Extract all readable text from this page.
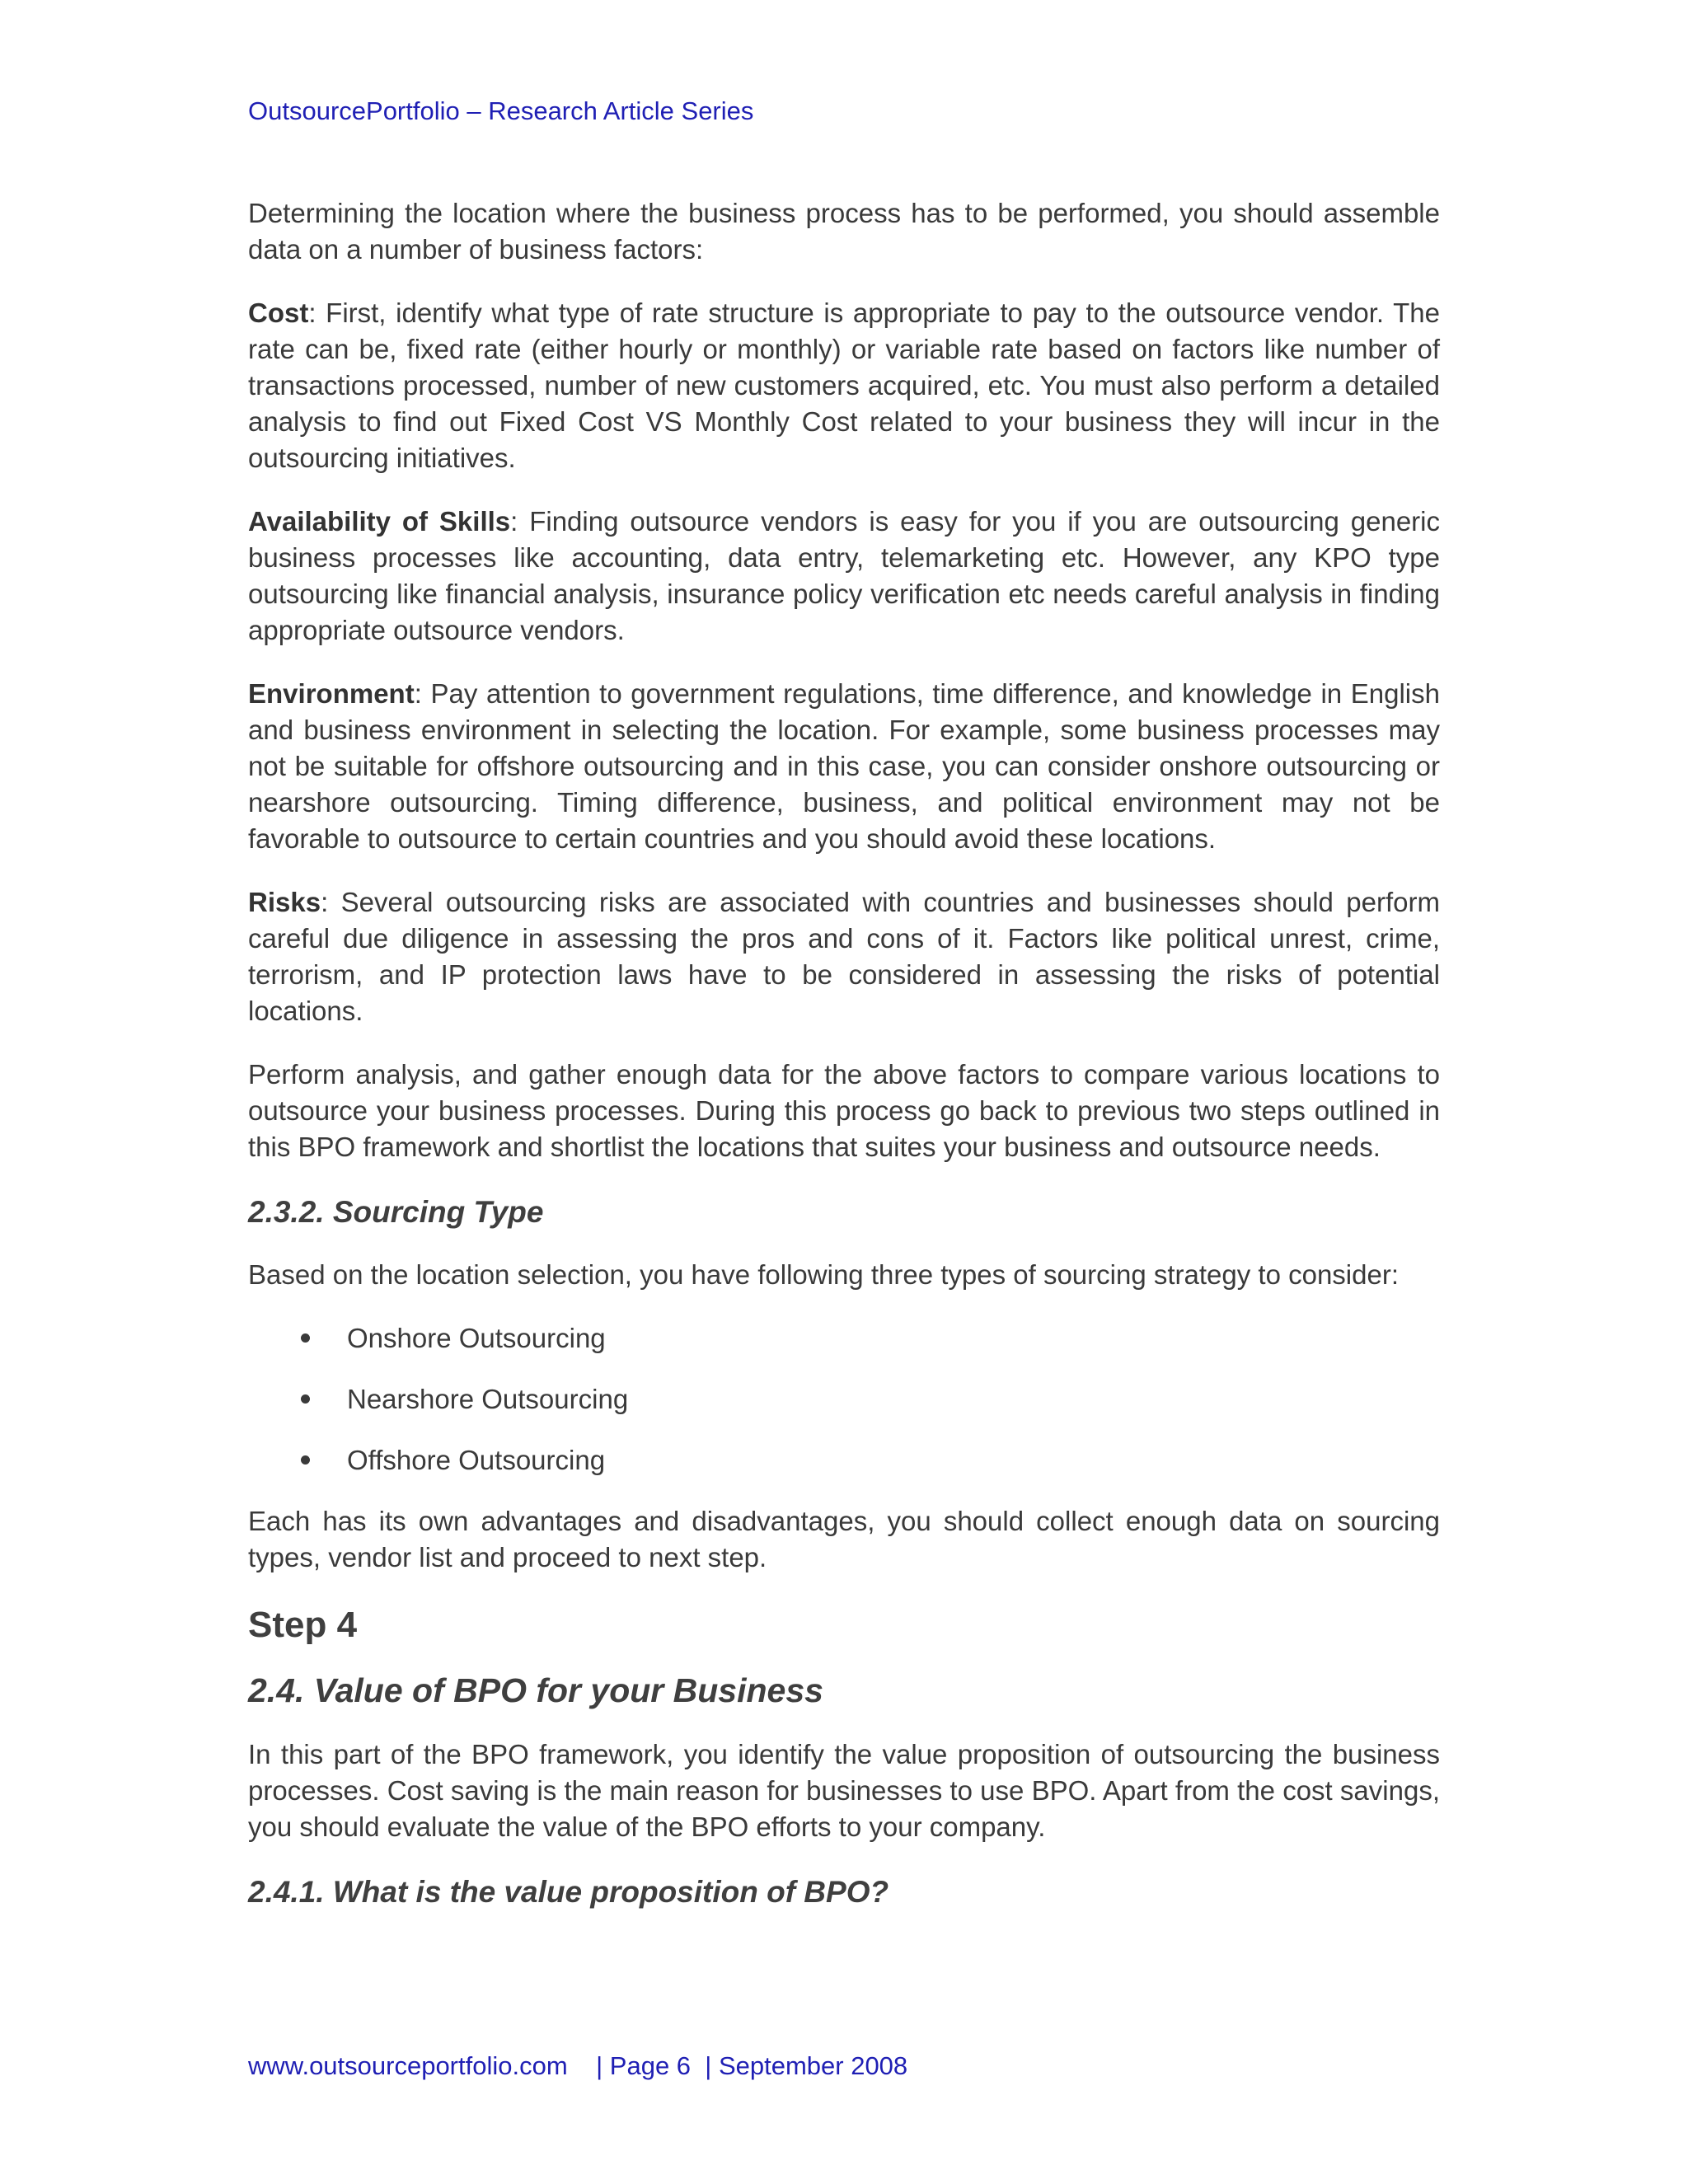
OutsourcePortfolio – Research Article Series

Determining the location where the business process has to be performed, you should assemble data on a number of business factors:

Cost: First, identify what type of rate structure is appropriate to pay to the outsource vendor. The rate can be, fixed rate (either hourly or monthly) or variable rate based on factors like number of transactions processed, number of new customers acquired, etc. You must also perform a detailed analysis to find out Fixed Cost VS Monthly Cost related to your business they will incur in the outsourcing initiatives.

Availability of Skills: Finding outsource vendors is easy for you if you are outsourcing generic business processes like accounting, data entry, telemarketing etc. However, any KPO type outsourcing like financial analysis, insurance policy verification etc needs careful analysis in finding appropriate outsource vendors.

Environment: Pay attention to government regulations, time difference, and knowledge in English and business environment in selecting the location. For example, some business processes may not be suitable for offshore outsourcing and in this case, you can consider onshore outsourcing or nearshore outsourcing. Timing difference, business, and political environment may not be favorable to outsource to certain countries and you should avoid these locations.

Risks: Several outsourcing risks are associated with countries and businesses should perform careful due diligence in assessing the pros and cons of it. Factors like political unrest, crime, terrorism, and IP protection laws have to be considered in assessing the risks of potential locations.

Perform analysis, and gather enough data for the above factors to compare various locations to outsource your business processes. During this process go back to previous two steps outlined in this BPO framework and shortlist the locations that suites your business and outsource needs.

2.3.2. Sourcing Type

Based on the location selection, you have following three types of sourcing strategy to consider:

Onshore Outsourcing
Nearshore Outsourcing
Offshore Outsourcing

Each has its own advantages and disadvantages, you should collect enough data on sourcing types, vendor list and proceed to next step.

Step 4
2.4. Value of BPO for your Business

In this part of the BPO framework, you identify the value proposition of outsourcing the business processes. Cost saving is the main reason for businesses to use BPO. Apart from the cost savings, you should evaluate the value of the BPO efforts to your company.

2.4.1. What is the value proposition of BPO?
www.outsourceportfolio.com | Page 6 | September 2008
